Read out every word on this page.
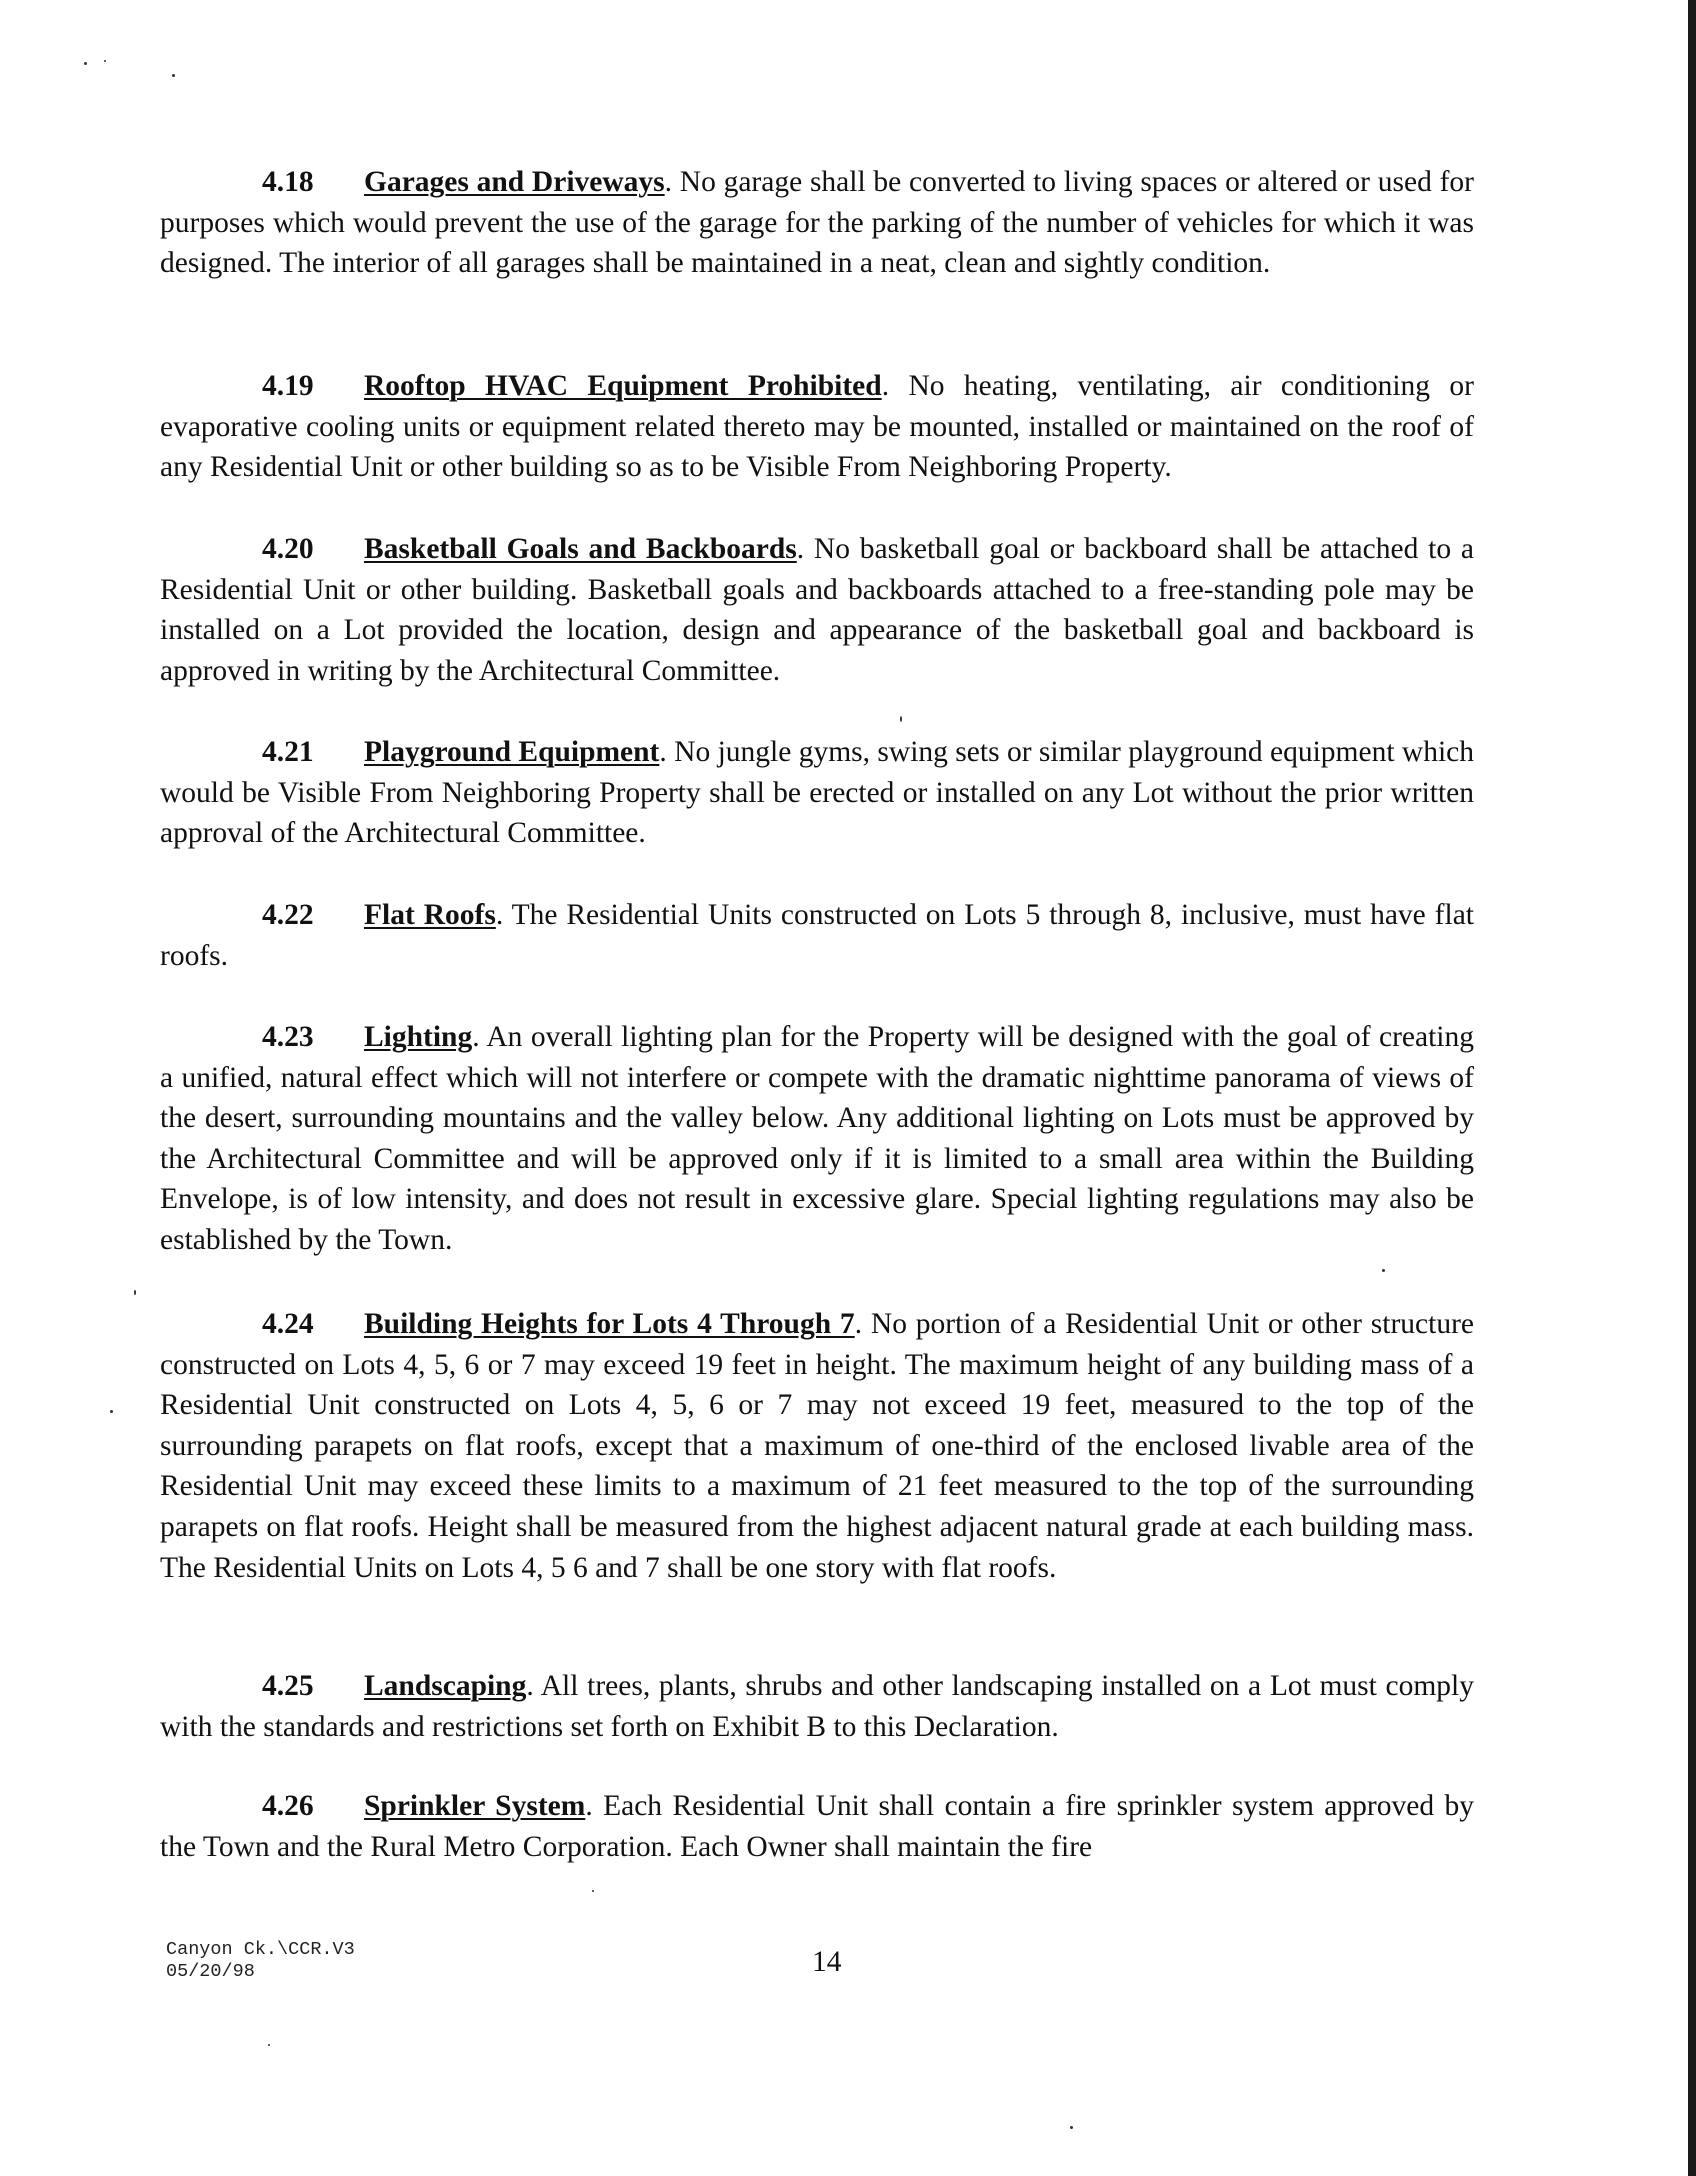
4.18 Garages and Driveways. No garage shall be converted to living spaces or altered or used for purposes which would prevent the use of the garage for the parking of the number of vehicles for which it was designed. The interior of all garages shall be maintained in a neat, clean and sightly condition.

4.19 Rooftop HVAC Equipment Prohibited. No heating, ventilating, air conditioning or evaporative cooling units or equipment related thereto may be mounted, installed or maintained on the roof of any Residential Unit or other building so as to be Visible From Neighboring Property.

4.20 Basketball Goals and Backboards. No basketball goal or backboard shall be attached to a Residential Unit or other building. Basketball goals and backboards attached to a free-standing pole may be installed on a Lot provided the location, design and appearance of the basketball goal and backboard is approved in writing by the Architectural Committee.

4.21 Playground Equipment. No jungle gyms, swing sets or similar playground equipment which would be Visible From Neighboring Property shall be erected or installed on any Lot without the prior written approval of the Architectural Committee.

4.22 Flat Roofs. The Residential Units constructed on Lots 5 through 8, inclusive, must have flat roofs.

4.23 Lighting. An overall lighting plan for the Property will be designed with the goal of creating a unified, natural effect which will not interfere or compete with the dramatic nighttime panorama of views of the desert, surrounding mountains and the valley below. Any additional lighting on Lots must be approved by the Architectural Committee and will be approved only if it is limited to a small area within the Building Envelope, is of low intensity, and does not result in excessive glare. Special lighting regulations may also be established by the Town.

4.24 Building Heights for Lots 4 Through 7. No portion of a Residential Unit or other structure constructed on Lots 4, 5, 6 or 7 may exceed 19 feet in height. The maximum height of any building mass of a Residential Unit constructed on Lots 4, 5, 6 or 7 may not exceed 19 feet, measured to the top of the surrounding parapets on flat roofs, except that a maximum of one-third of the enclosed livable area of the Residential Unit may exceed these limits to a maximum of 21 feet measured to the top of the surrounding parapets on flat roofs. Height shall be measured from the highest adjacent natural grade at each building mass. The Residential Units on Lots 4, 5 6 and 7 shall be one story with flat roofs.

4.25 Landscaping. All trees, plants, shrubs and other landscaping installed on a Lot must comply with the standards and restrictions set forth on Exhibit B to this Declaration.

4.26 Sprinkler System. Each Residential Unit shall contain a fire sprinkler system approved by the Town and the Rural Metro Corporation. Each Owner shall maintain the fire

Canyon Ck.\CCR.V3
05/20/98	14
